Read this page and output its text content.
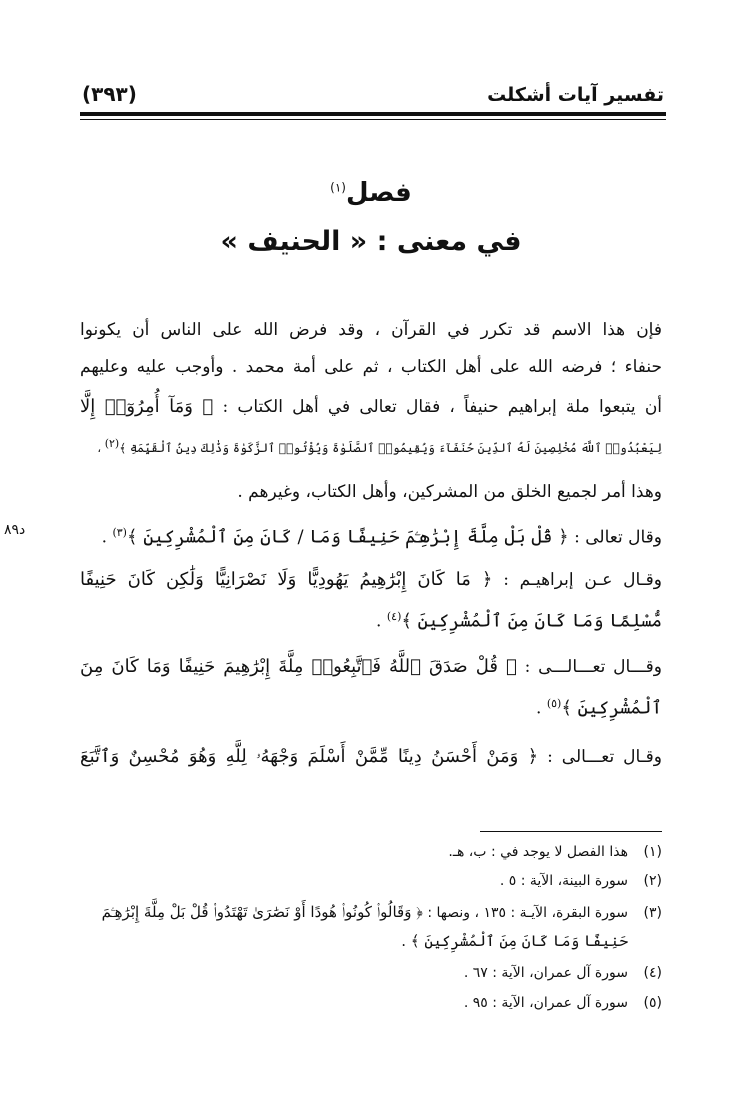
تفسير آيات أشكلت
(٣٩٣)
فصل$^{(١)}$
في معنى : « الحنيف »
فإن هذا الاسم قد تكرر في القرآن ، وقد فرض الله على الناس أن يكونوا
حنفاء ؛ فرضه الله على أهل الكتاب ، ثم على أمة محمد . وأوجب عليه وعليهم
أن يتبعوا ملة إبراهيم حنيفاً ، فقال تعالى في أهل الكتاب : ﴿ وَمَآ أُمِرُوٓا۟ إِلَّا
لِيَعْبُدُوا۟ ٱللَّهَ مُخْلِصِينَ لَهُ ٱلدِّينَ حُنَفَآءَ وَيُقِيمُوا۟ ٱلصَّلَوٰةَ وَيُؤْتُوا۟ ٱلزَّكَوٰةَ وَذَٰلِكَ دِينُ ٱلْقَيِّمَةِ ﴾(٢) ،
وهذا أمر لجميع الخلق من المشركين، وأهل الكتاب، وغيرهم .
وقال تعالى : ﴿ قُلْ بَلْ مِلَّةَ إِبْرَٰهِـۧمَ حَنِيفًا وَمَا / كَانَ مِنَ ٱلْمُشْرِكِينَ ﴾$^{(٣)}$ .
د٨٩
وقـال عـن إبراهيـم : ﴿ مَا كَانَ إِبْرَٰهِيمُ يَهُودِيًّا وَلَا نَصْرَانِيًّا وَلَٰكِن كَانَ حَنِيفًا
مُّسْلِمًا وَمَا كَانَ مِنَ ٱلْمُشْرِكِينَ ﴾$^{(٤)}$ .
وقـــال تعـــالـــى : ﴿ قُلْ صَدَقَ ٱللَّهُ فَٱتَّبِعُوا۟ مِلَّةَ إِبْرَٰهِيمَ حَنِيفًا وَمَا كَانَ مِنَ
ٱلْمُشْرِكِينَ ﴾$^{(٥)}$ .
وقـال تعـــالى : ﴿ وَمَنْ أَحْسَنُ دِينًا مِّمَّنْ أَسْلَمَ وَجْهَهُۥ لِلَّهِ وَهُوَ مُحْسِنٌ وَٱتَّبَعَ
(١)هذا الفصل لا يوجد في : ب، هـ.
(٢)سورة البينة، الآية : ٥ .
(٣)سورة البقرة، الآيـة : ١٣٥ ، ونصها : ﴿ وَقَالُوا۟ كُونُوا۟ هُودًا أَوْ نَصَٰرَىٰ تَهْتَدُوا۟ قُلْ بَلْ مِلَّةَ إِبْرَٰهِـۧمَ
حَنِيفًا وَمَا كَانَ مِنَ ٱلْمُشْرِكِينَ ﴾ .
(٤)سورة آل عمران، الآية : ٦٧ .
(٥)سورة آل عمران، الآية : ٩٥ .
